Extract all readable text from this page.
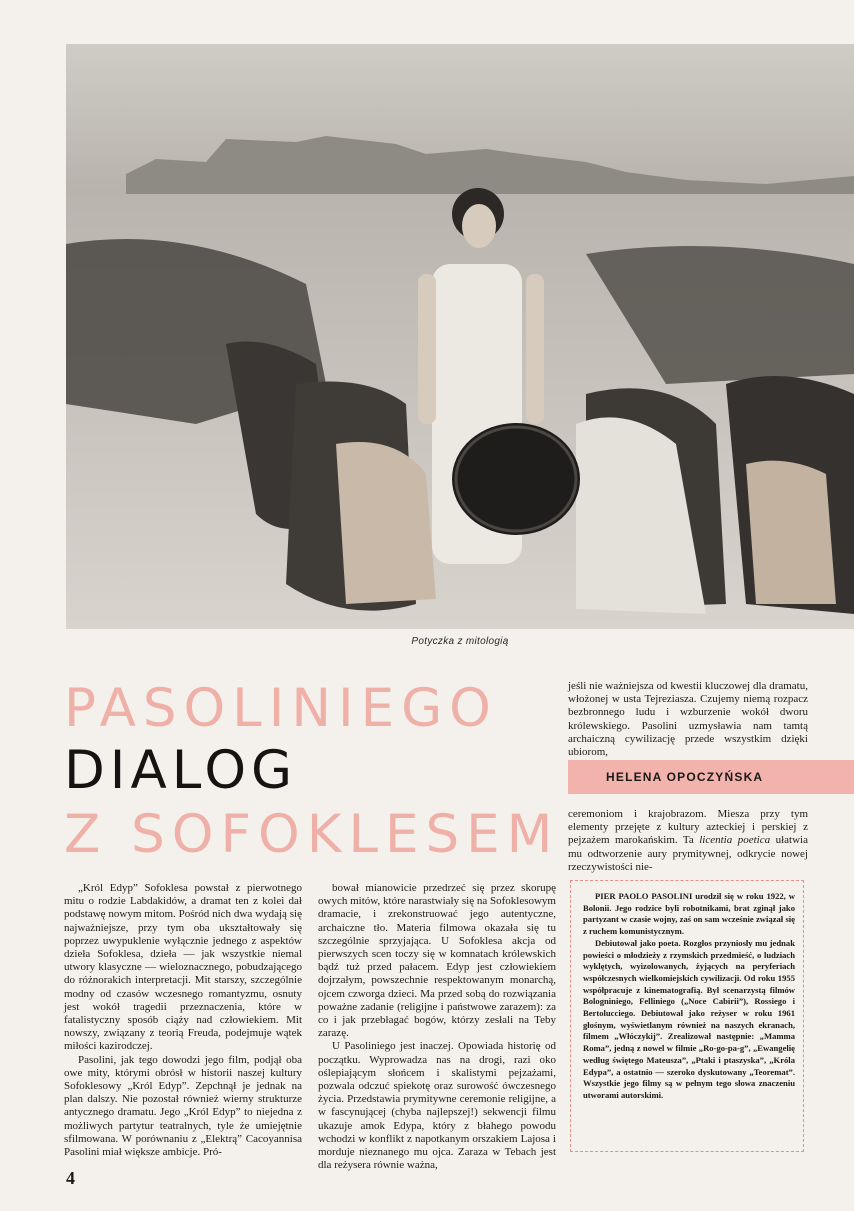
Potyczka z mitologią
PASOLINIEGO
DIALOG
Z SOFOKLESEM

„Król Edyp” Sofoklesa powstał z pierwotnego mitu o rodzie Labdakidów, a dramat ten z kolei dał podstawę nowym mitom. Pośród nich dwa wydają się najważniejsze, przy tym oba ukształtowały się poprzez uwypuklenie wyłącznie jednego z aspektów dzieła Sofoklesa, dzieła — jak wszystkie niemal utwory klasyczne — wieloznacznego, pobudzającego do różnorakich interpretacji. Mit starszy, szczególnie modny od czasów wczesnego romantyzmu, osnuty jest wokół tragedii przeznaczenia, które w fatalistyczny sposób ciąży nad człowiekiem. Mit nowszy, związany z teorią Freuda, podejmuje wątek miłości kazirodczej.

Pasolini, jak tego dowodzi jego film, podjął oba owe mity, którymi obrósł w historii naszej kultury Sofoklesowy „Król Edyp”. Zepchnął je jednak na plan dalszy. Nie pozostał również wierny strukturze antycznego dramatu. Jego „Król Edyp” to niejedna z możliwych partytur teatralnych, tyle że umiejętnie sfilmowana. W porównaniu z „Elektrą” Cacoyannisa Pasolini miał większe ambicje. Pró-

bował mianowicie przedrzeć się przez skorupę owych mitów, które narastwiały się na Sofoklesowym dramacie, i zrekonstruować jego autentyczne, archaiczne tło. Materia filmowa okazała się tu szczególnie sprzyjająca. U Sofoklesa akcja od pierwszych scen toczy się w komnatach królewskich bądź tuż przed pałacem. Edyp jest człowiekiem dojrzałym, powszechnie respektowanym monarchą, ojcem czworga dzieci. Ma przed sobą do rozwiązania poważne zadanie (religijne i państwowe zarazem): za co i jak przebłagać bogów, którzy zesłali na Teby zarazę.

U Pasoliniego jest inaczej. Opowiada historię od początku. Wyprowadza nas na drogi, razi oko oślepiającym słońcem i skalistymi pejzażami, pozwala odczuć spiekotę oraz surowość ówczesnego życia. Przedstawia prymitywne ceremonie religijne, a w fascynującej (chyba najlepszej!) sekwencji filmu ukazuje amok Edypa, który z błahego powodu wchodzi w konflikt z napotkanym orszakiem Lajosa i morduje nieznanego mu ojca. Zaraza w Tebach jest dla reżysera równie ważna,

jeśli nie ważniejsza od kwestii kluczowej dla dramatu, włożonej w usta Tejreziasza. Czujemy niemą rozpacz bezbronnego ludu i wzburzenie wokół dworu królewskiego. Pasolini uzmysławia nam tamtą archaiczną cywilizację przede wszystkim dzięki ubiorom,

HELENA OPOCZYŃSKA

ceremoniom i krajobrazom. Miesza przy tym elementy przejęte z kultury azteckiej i perskiej z pejzażem marokańskim. Ta licentia poetica ułatwia mu odtworzenie aury prymitywnej, odkrycie nowej rzeczywistości nie-

PIER PAOLO PASOLINI urodził się w roku 1922, w Bolonii. Jego rodzice byli robotnikami, brat zginął jako partyzant w czasie wojny, zaś on sam wcześnie związał się z ruchem komunistycznym.

Debiutował jako poeta. Rozgłos przyniosły mu jednak powieści o młodzieży z rzymskich przedmieść, o ludziach wyklętych, wyizolowanych, żyjących na peryferiach współczesnych wielkomiejskich cywilizacji. Od roku 1955 współpracuje z kinematografią. Był scenarzystą filmów Bologniniego, Felliniego („Noce Cabirii”), Rossiego i Bertolucciego. Debiutował jako reżyser w roku 1961 głośnym, wyświetlanym również na naszych ekranach, filmem „Włóczykij”. Zrealizował następnie: „Mamma Roma”, jedną z nowel w filmie „Ro-go-pa-g”, „Ewangelię według świętego Mateusza”, „Ptaki i ptaszyska”, „Króla Edypa”, a ostatnio — szeroko dyskutowany „Teorematˮ. Wszystkie jego filmy są w pełnym tego słowa znaczeniu utworami autorskimi.

4
